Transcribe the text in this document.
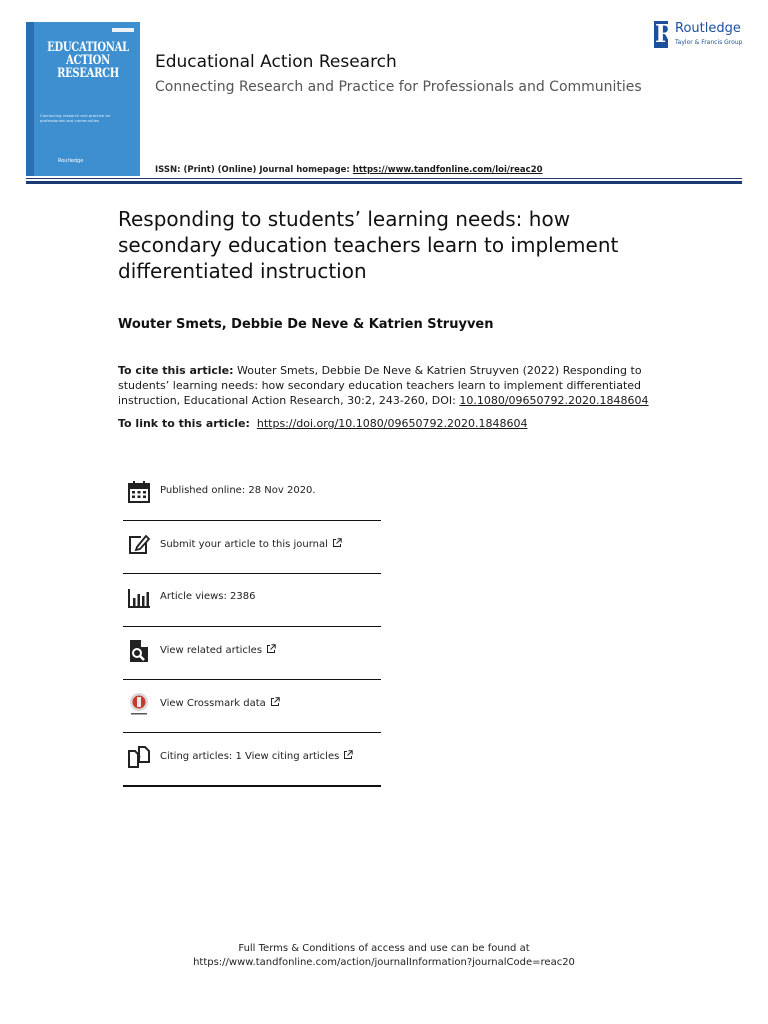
EDUCATIONAL ACTION RESEARCH
Connecting research and practice for professionals and communities
Routledge
Educational Action Research
Connecting Research and Practice for Professionals and Communities
ISSN: (Print) (Online) Journal homepage: https://www.tandfonline.com/loi/reac20
R Routledge
Taylor & Francis Group
Responding to students’ learning needs: how secondary education teachers learn to implement differentiated instruction
Wouter Smets, Debbie De Neve & Katrien Struyven
To cite this article: Wouter Smets, Debbie De Neve & Katrien Struyven (2022) Responding to students’ learning needs: how secondary education teachers learn to implement differentiated instruction, Educational Action Research, 30:2, 243-260, DOI: 10.1080/09650792.2020.1848604
To link to this article: https://doi.org/10.1080/09650792.2020.1848604
Published online: 28 Nov 2020.
Submit your article to this journal
Article views: 2386
View related articles
View Crossmark data
Citing articles: 1 View citing articles
Full Terms & Conditions of access and use can be found at
https://www.tandfonline.com/action/journalInformation?journalCode=reac20
